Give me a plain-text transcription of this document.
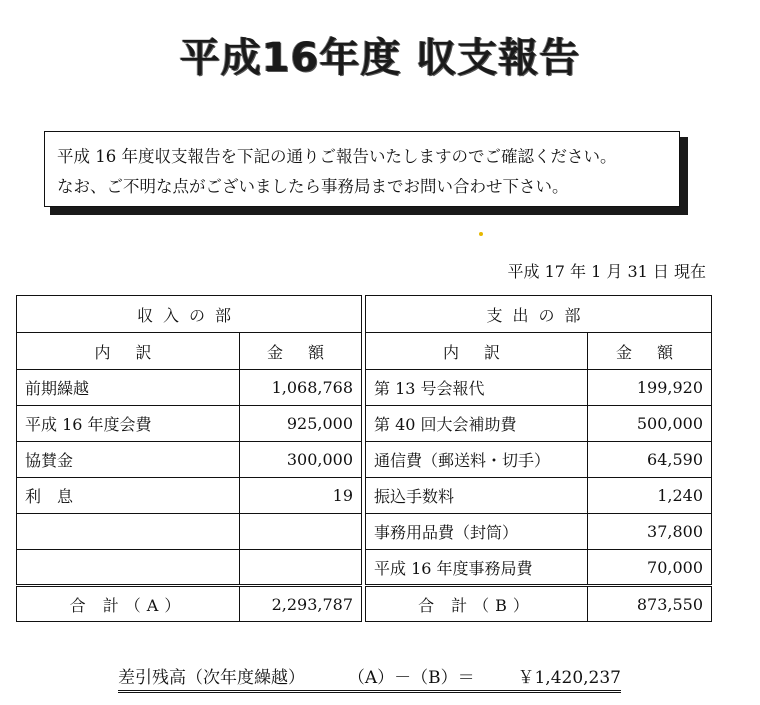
平成16年度 収支報告
平成 16 年度収支報告を下記の通りご報告いたしますのでご確認ください。
なお、ご不明な点がございましたら事務局までお問い合わせ下さい。
平成 17 年 1 月 31 日 現在
収入の部			支出の部	
内 訳	金 額		内 訳	金 額
前期繰越	1,068,768		第 13 号会報代	199,920
平成 16 年度会費	925,000		第 40 回大会補助費	500,000
協賛金	300,000		通信費（郵送料・切手）	64,590
利　息	19		振込手数料	1,240
			事務用品費（封筒）	37,800
			平成 16 年度事務局費	70,000
合 計（A）	2,293,787		合 計（B）	873,550
差引残高（次年度繰越）	（A）－（B）＝	￥1,420,237
